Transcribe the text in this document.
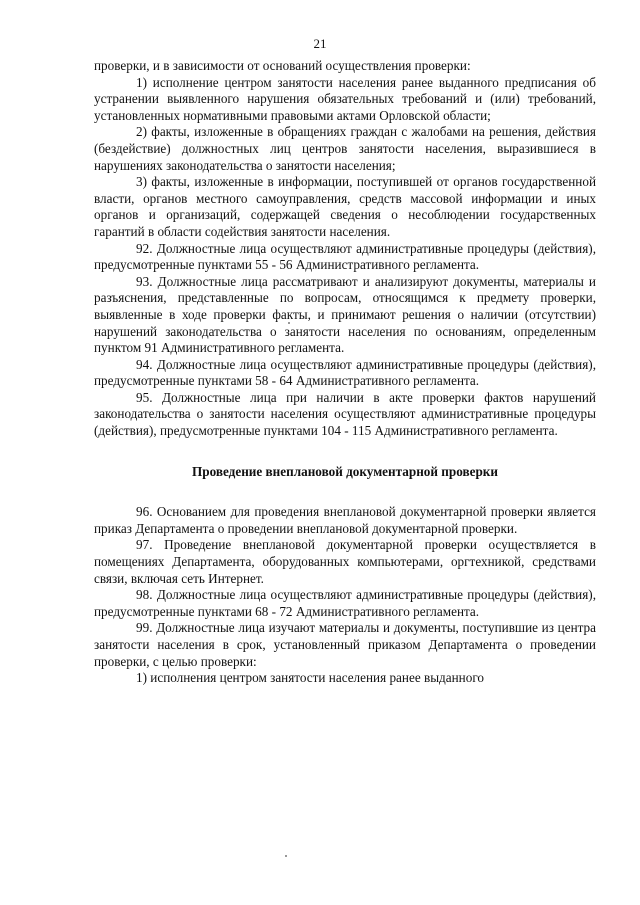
21

проверки, и в зависимости от оснований осуществления проверки:

1) исполнение центром занятости населения ранее выданного предписания об устранении выявленного нарушения обязательных требований и (или) требований, установленных нормативными правовыми актами Орловской области;

2) факты, изложенные в обращениях граждан с жалобами на решения, действия (бездействие) должностных лиц центров занятости населения, выразившиеся в нарушениях законодательства о занятости населения;

3) факты, изложенные в информации, поступившей от органов государственной власти, органов местного самоуправления, средств массовой информации и иных органов и организаций, содержащей сведения о несоблюдении государственных гарантий в области содействия занятости населения.

92. Должностные лица осуществляют административные процедуры (действия), предусмотренные пунктами 55 - 56 Административного регламента.

93. Должностные лица рассматривают и анализируют документы, материалы и разъяснения, представленные по вопросам, относящимся к предмету проверки, выявленные в ходе проверки факты, и принимают решения о наличии (отсутствии) нарушений законодательства о занятости населения по основаниям, определенным пунктом 91 Административного регламента.

94. Должностные лица осуществляют административные процедуры (действия), предусмотренные пунктами 58 - 64 Административного регламента.

95. Должностные лица при наличии в акте проверки фактов нарушений законодательства о занятости населения осуществляют административные процедуры (действия), предусмотренные пунктами 104 - 115 Административного регламента.

Проведение внеплановой документарной проверки

96. Основанием для проведения внеплановой документарной проверки является приказ Департамента о проведении внеплановой документарной проверки.

97. Проведение внеплановой документарной проверки осуществляется в помещениях Департамента, оборудованных компьютерами, оргтехникой, средствами связи, включая сеть Интернет.

98. Должностные лица осуществляют административные процедуры (действия), предусмотренные пунктами 68 - 72 Административного регламента.

99. Должностные лица изучают материалы и документы, поступившие из центра занятости населения в срок, установленный приказом Департамента о проведении проверки, с целью проверки:

1) исполнения центром занятости населения ранее выданного
